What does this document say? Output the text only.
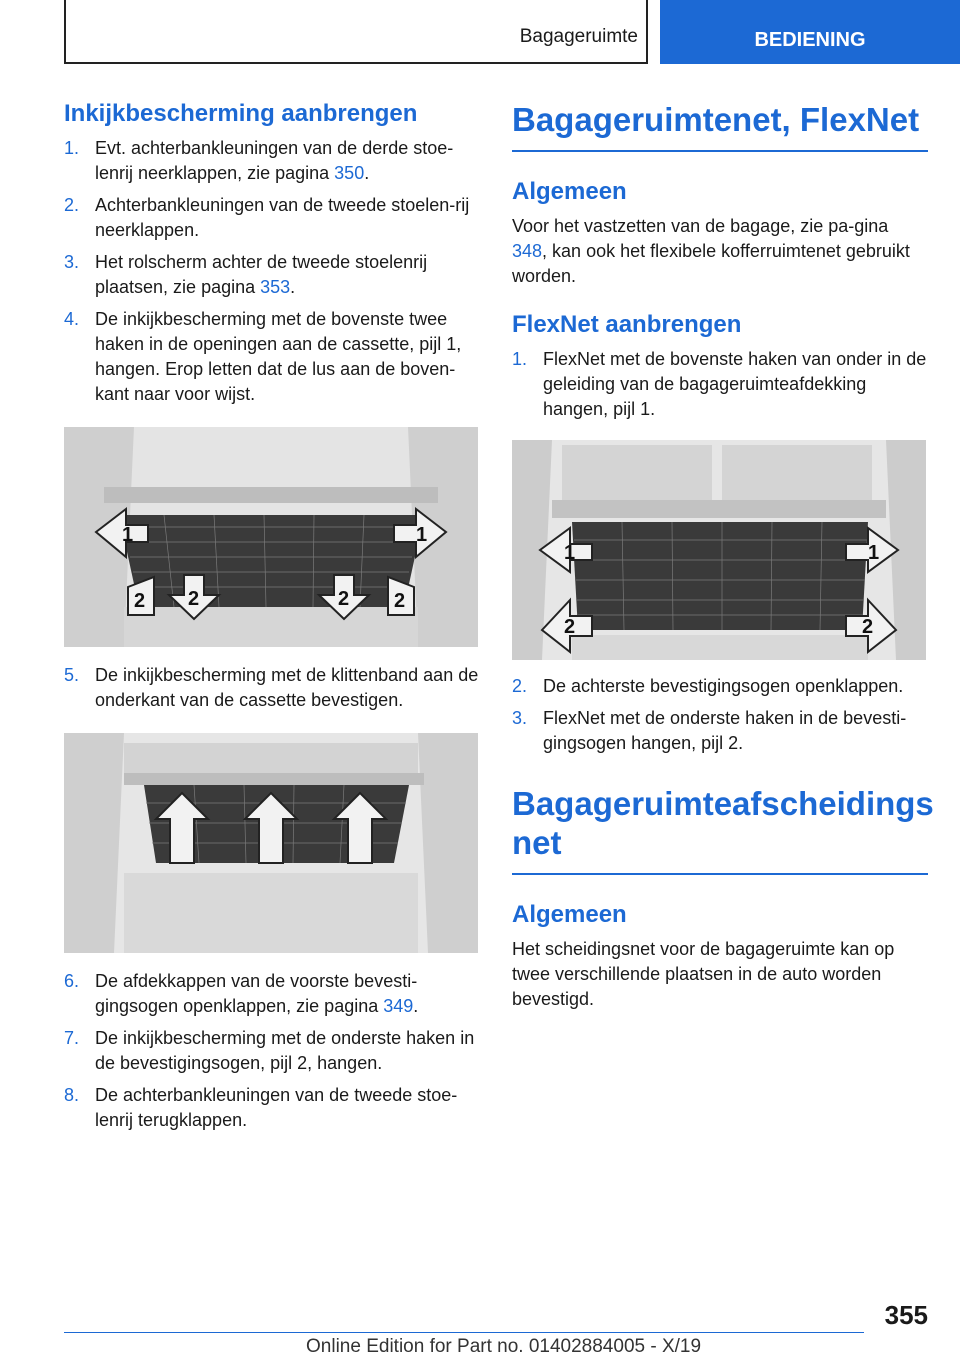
Bagageruimte	BEDIENING
Inkijkbescherming aanbrengen
1. Evt. achterbankleuningen van de derde stoe-lenrij neerklappen, zie pagina 350.
2. Achterbankleuningen van de tweede stoelen-rij neerklappen.
3. Het rolscherm achter de tweede stoelenrij plaatsen, zie pagina 353.
4. De inkijkbescherming met de bovenste twee haken in de openingen aan de cassette, pijl 1, hangen. Erop letten dat de lus aan de boven-kant naar voor wijst.
1	1
2 2	2 2
5. De inkijkbescherming met de klittenband aan de onderkant van de cassette bevestigen.
6. De afdekkappen van de voorste bevesti-gingsogen openklappen, zie pagina 349.
7. De inkijkbescherming met de onderste haken in de bevestigingsogen, pijl 2, hangen.
8. De achterbankleuningen van de tweede stoe-lenrij terugklappen.
Bagageruimtenet, FlexNet
Algemeen

Voor het vastzetten van de bagage, zie pa-gina 348, kan ook het flexibele kofferruimtenet gebruikt worden.

FlexNet aanbrengen
1. FlexNet met de bovenste haken van onder in de geleiding van de bagageruimteafdekking hangen, pijl 1.
1	1
2	2
2. De achterste bevestigingsogen openklappen.
3. FlexNet met de onderste haken in de bevesti-gingsogen hangen, pijl 2.
Bagageruimteafscheidings net
Algemeen

Het scheidingsnet voor de bagageruimte kan op twee verschillende plaatsen in de auto worden bevestigd.

355
Online Edition for Part no. 01402884005 - X/19
